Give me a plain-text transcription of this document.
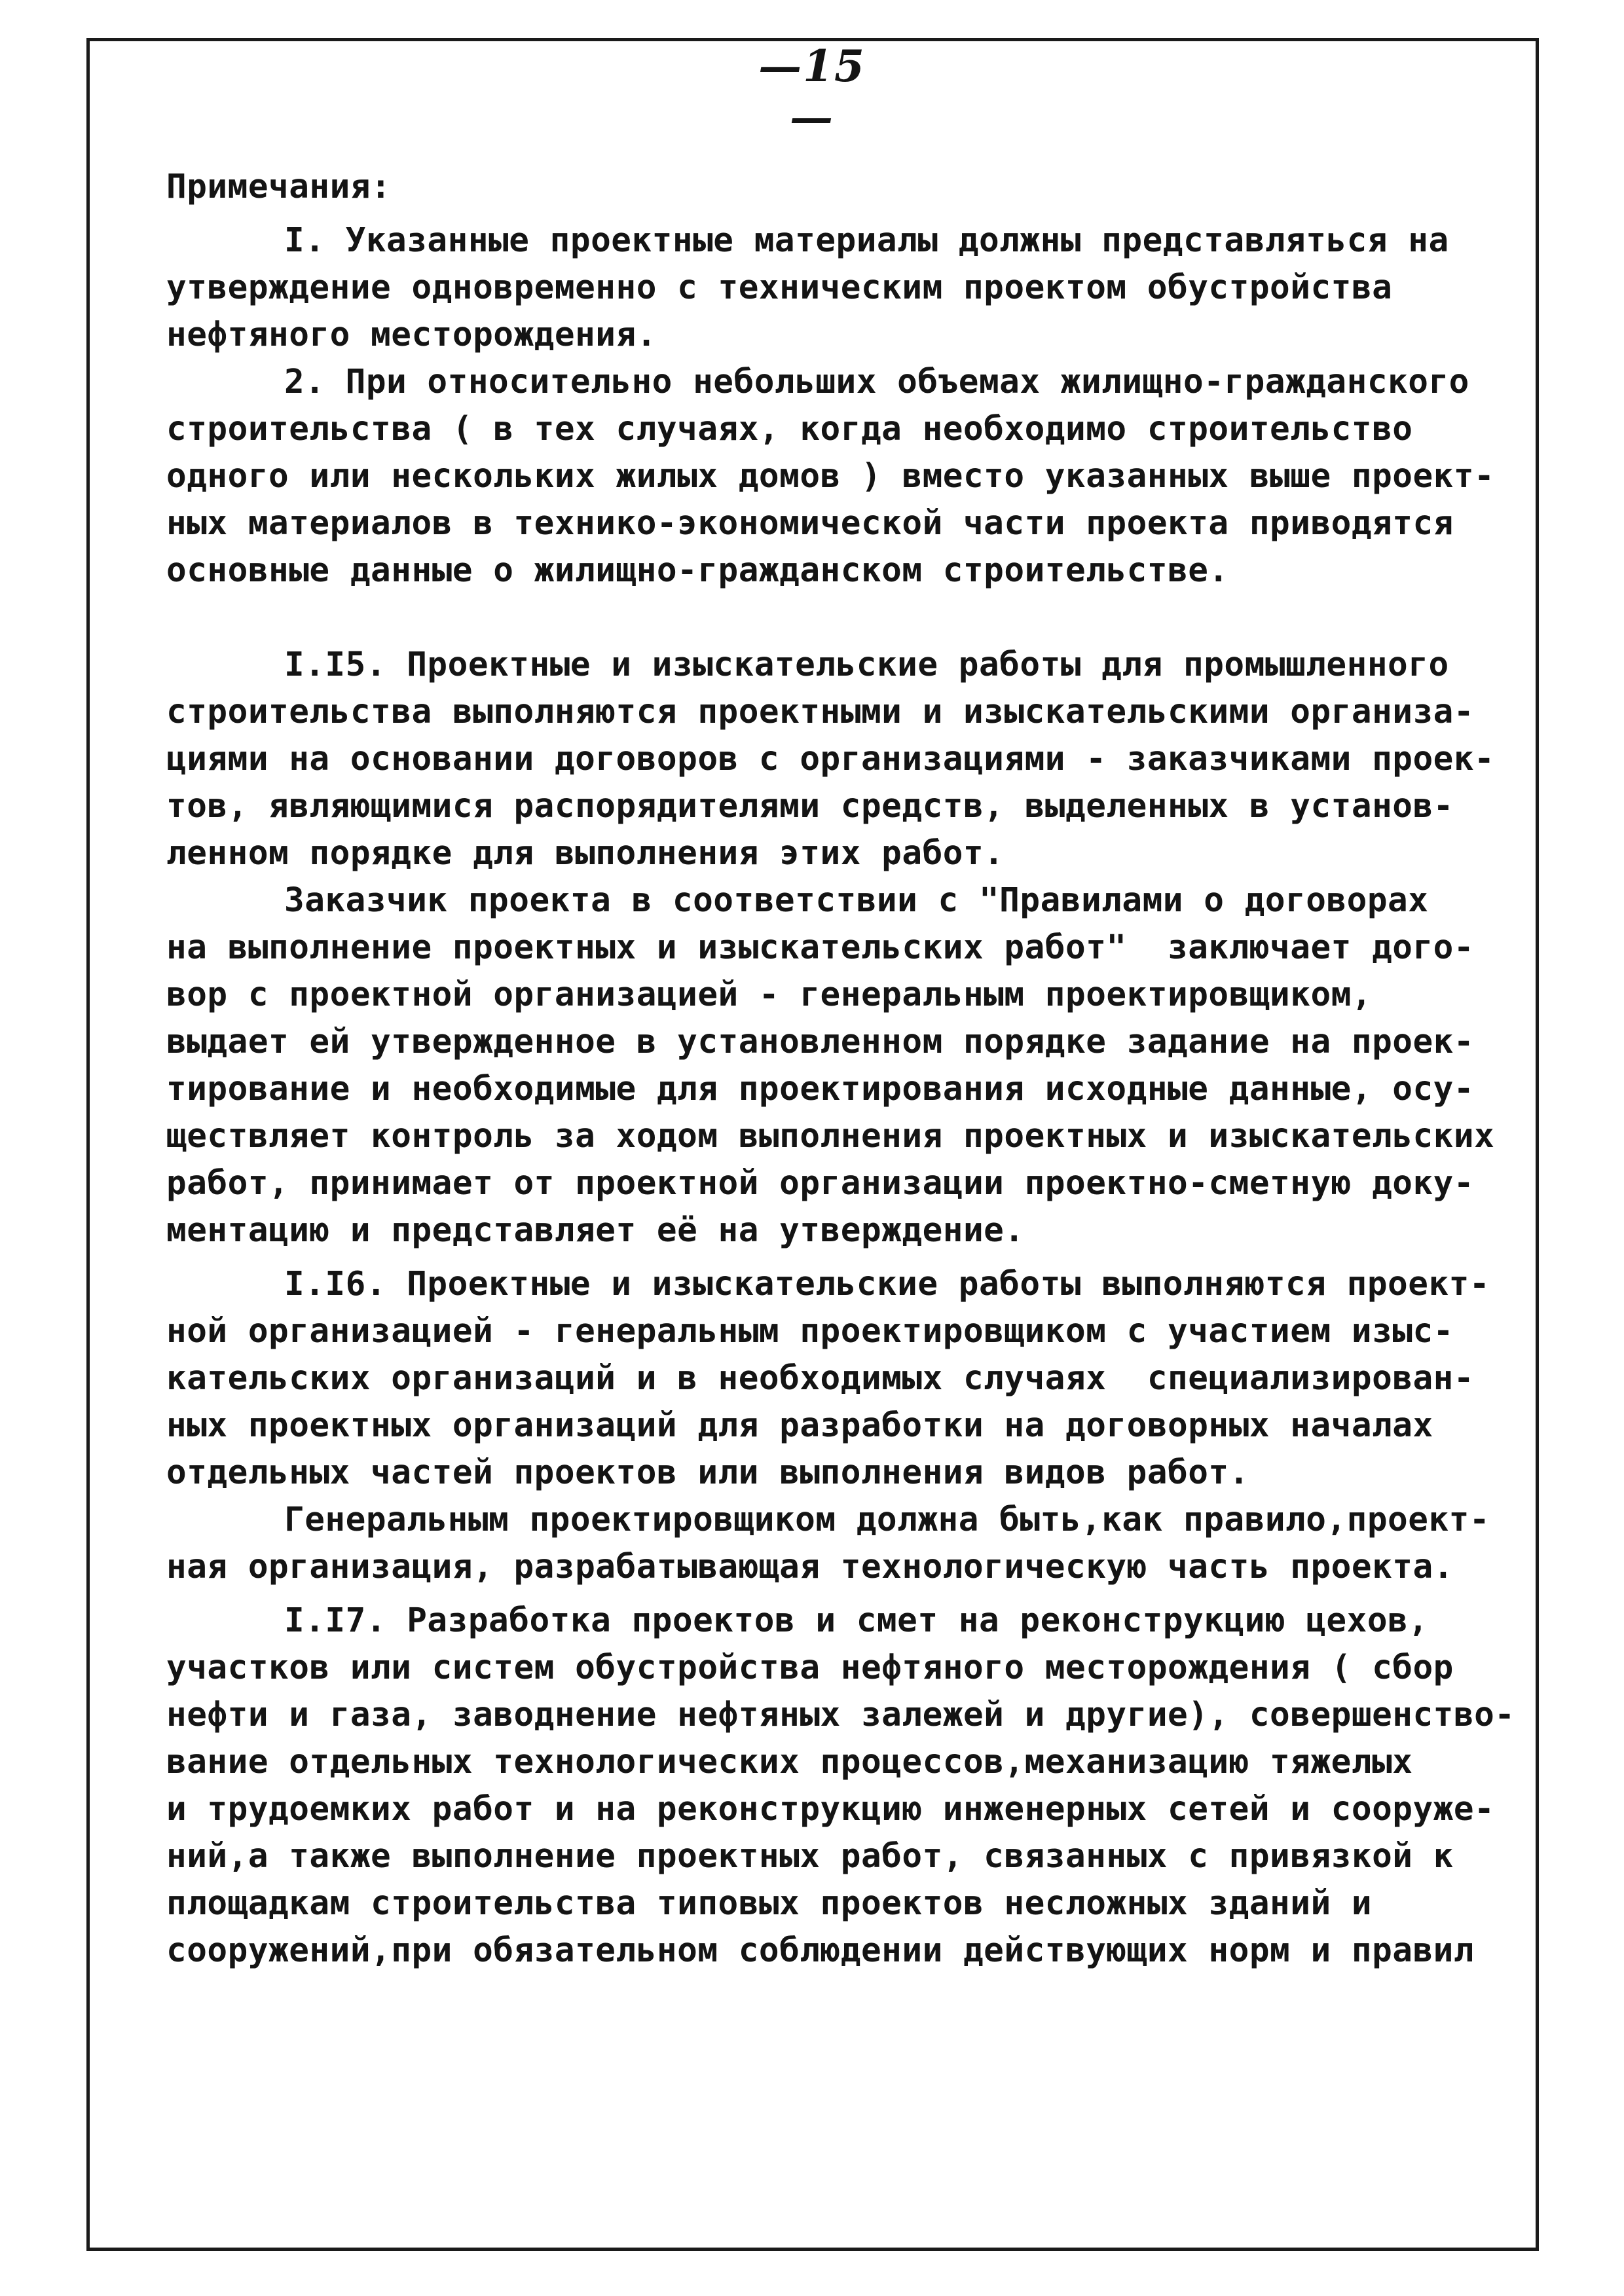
—15—
Примечания:
I. Указанные проектные материалы должны представляться на
утверждение одновременно с техническим проектом обустройства
нефтяного месторождения.
2. При относительно небольших объемах жилищно-гражданского
строительства ( в тех случаях, когда необходимо строительство
одного или нескольких жилых домов ) вместо указанных выше проект-
ных материалов в технико-экономической части проекта приводятся
основные данные о жилищно-гражданском строительстве.
I.I5. Проектные и изыскательские работы для промышленного
строительства выполняются проектными и изыскательскими организа-
циями на основании договоров с организациями - заказчиками проек-
тов, являющимися распорядителями средств, выделенных в установ-
ленном порядке для выполнения этих работ.
Заказчик проекта в соответствии с "Правилами о договорах
на выполнение проектных и изыскательских работ"  заключает дого-
вор с проектной организацией - генеральным проектировщиком,
выдает ей утвержденное в установленном порядке задание на проек-
тирование и необходимые для проектирования исходные данные, осу-
ществляет контроль за ходом выполнения проектных и изыскательских
работ, принимает от проектной организации проектно-сметную доку-
ментацию и представляет её на утверждение.
I.I6. Проектные и изыскательские работы выполняются проект-
ной организацией - генеральным проектировщиком с участием изыс-
кательских организаций и в необходимых случаях  специализирован-
ных проектных организаций для разработки на договорных началах
отдельных частей проектов или выполнения видов работ.
Генеральным проектировщиком должна быть,как правило,проект-
ная организация, разрабатывающая технологическую часть проекта.
I.I7. Разработка проектов и смет на реконструкцию цехов,
участков или систем обустройства нефтяного месторождения ( сбор
нефти и газа, заводнение нефтяных залежей и другие), совершенство-
вание отдельных технологических процессов,механизацию тяжелых
и трудоемких работ и на реконструкцию инженерных сетей и сооруже-
ний,а также выполнение проектных работ, связанных с привязкой к
площадкам строительства типовых проектов несложных зданий и
сооружений,при обязательном соблюдении действующих норм и правил
